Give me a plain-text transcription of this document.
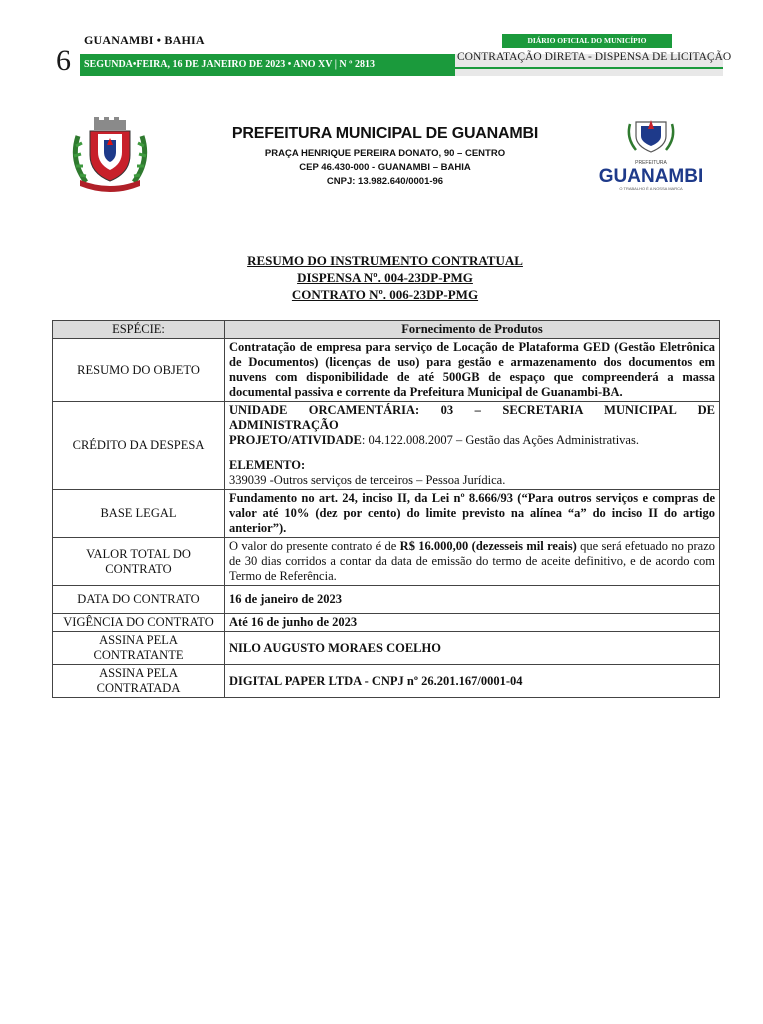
GUANAMBI • BAHIA
6	SEGUNDA•FEIRA, 16 DE JANEIRO DE 2023 • ANO XV | N º 2813
DIÁRIO OFICIAL DO MUNICÍPIO
CONTRATAÇÃO DIRETA - DISPENSA DE LICITAÇÃO
PREFEITURA MUNICIPAL DE GUANAMBI
PRAÇA HENRIQUE PEREIRA DONATO, 90 – CENTRO
CEP 46.430-000 - GUANAMBI – BAHIA
CNPJ: 13.982.640/0001-96
PREFEITURA
GUANAMBI
O TRABALHO É A NOSSA MARCA
RESUMO DO INSTRUMENTO CONTRATUAL
DISPENSA Nº. 004-23DP-PMG
CONTRATO Nº. 006-23DP-PMG
ESPÉCIE:	Fornecimento de Produtos
RESUMO DO OBJETO	Contratação de empresa para serviço de Locação de Plataforma GED (Gestão Eletrônica de Documentos) (licenças de uso) para gestão e armazenamento dos documentos em nuvens com disponibilidade de até 500GB de espaço que compreenderá a massa documental passiva e corrente da Prefeitura Municipal de Guanambi-BA.
CRÉDITO DA DESPESA	UNIDADE ORCAMENTÁRIA: 03 – SECRETARIA MUNICIPAL DE ADMINISTRAÇÃO
PROJETO/ATIVIDADE: 04.122.008.2007 – Gestão das Ações Administrativas.
ELEMENTO:
339039 -Outros serviços de terceiros – Pessoa Jurídica.

BASE LEGAL	Fundamento no art. 24, inciso II, da Lei nº 8.666/93 (“Para outros serviços e compras de valor até 10% (dez por cento) do limite previsto na alínea “a” do inciso II do artigo anterior”).
VALOR TOTAL DO CONTRATO	O valor do presente contrato é de R$ 16.000,00 (dezesseis mil reais) que será efetuado no prazo de 30 dias corridos a contar da data de emissão do termo de aceite definitivo, e de acordo com Termo de Referência.
DATA DO CONTRATO	16 de janeiro de 2023
VIGÊNCIA DO CONTRATO	Até 16 de junho de 2023
ASSINA PELA CONTRATANTE	NILO AUGUSTO MORAES COELHO
ASSINA PELA CONTRATADA	DIGITAL PAPER LTDA - CNPJ nº 26.201.167/0001-04
